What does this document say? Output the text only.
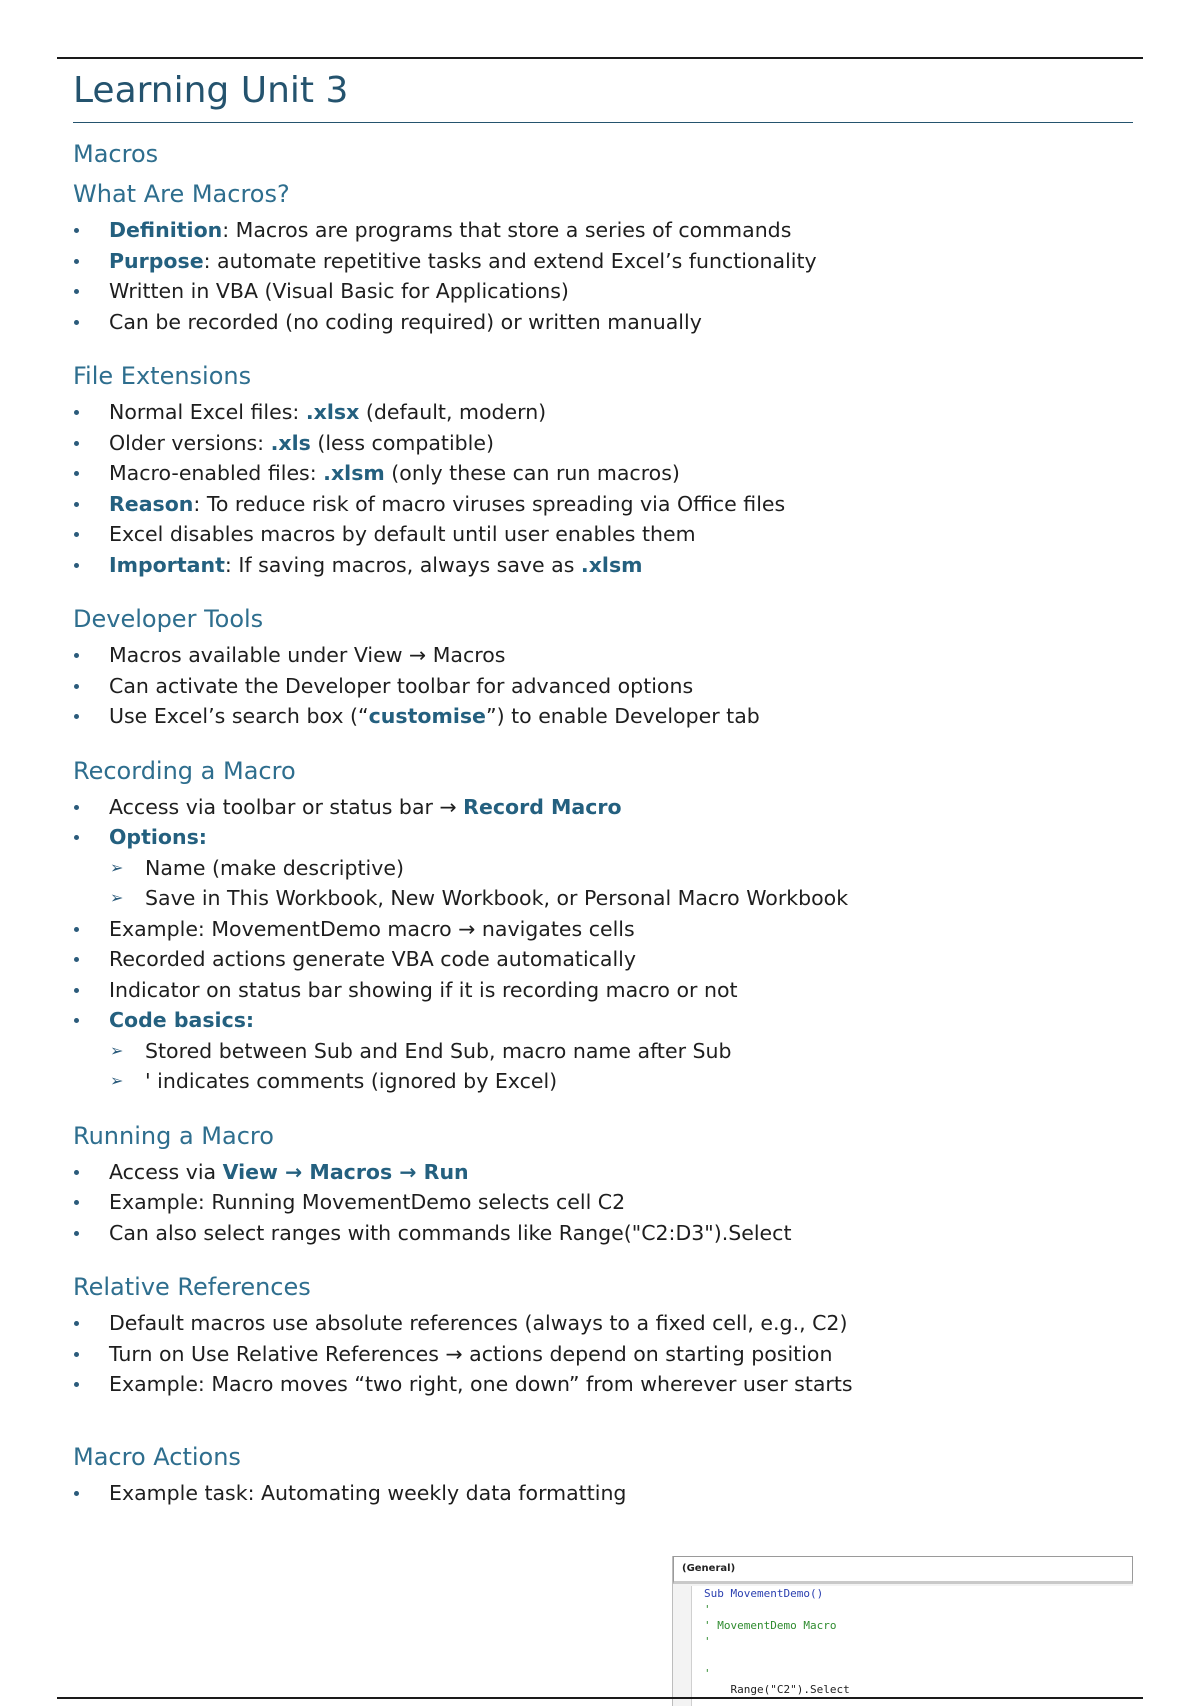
Learning Unit 3
Macros
What Are Macros?
Definition: Macros are programs that store a series of commands
Purpose: automate repetitive tasks and extend Excel’s functionality
Written in VBA (Visual Basic for Applications)
Can be recorded (no coding required) or written manually
File Extensions
Normal Excel files: .xlsx (default, modern)
Older versions: .xls (less compatible)
Macro-enabled files: .xlsm (only these can run macros)
Reason: To reduce risk of macro viruses spreading via Office files
Excel disables macros by default until user enables them
Important: If saving macros, always save as .xlsm
Developer Tools
Macros available under View → Macros
Can activate the Developer toolbar for advanced options
Use Excel’s search box (“customise”) to enable Developer tab
Recording a Macro
Access via toolbar or status bar → Record Macro
Options:
➢ Name (make descriptive)
➢ Save in This Workbook, New Workbook, or Personal Macro Workbook
Example: MovementDemo macro → navigates cells
Recorded actions generate VBA code automatically
Indicator on status bar showing if it is recording macro or not
Code basics:
➢ Stored between Sub and End Sub, macro name after Sub
➢ ' indicates comments (ignored by Excel)
Running a Macro
Access via View → Macros → Run
Example: Running MovementDemo selects cell C2
Can also select ranges with commands like Range("C2:D3").Select
Relative References
Default macros use absolute references (always to a fixed cell, e.g., C2)
Turn on Use Relative References → actions depend on starting position
Example: Macro moves “two right, one down” from wherever user starts
Macro Actions
Example task: Automating weekly data formatting
(General)
Sub MovementDemo()
'
' MovementDemo Macro
'

'
Range("C2").Select
